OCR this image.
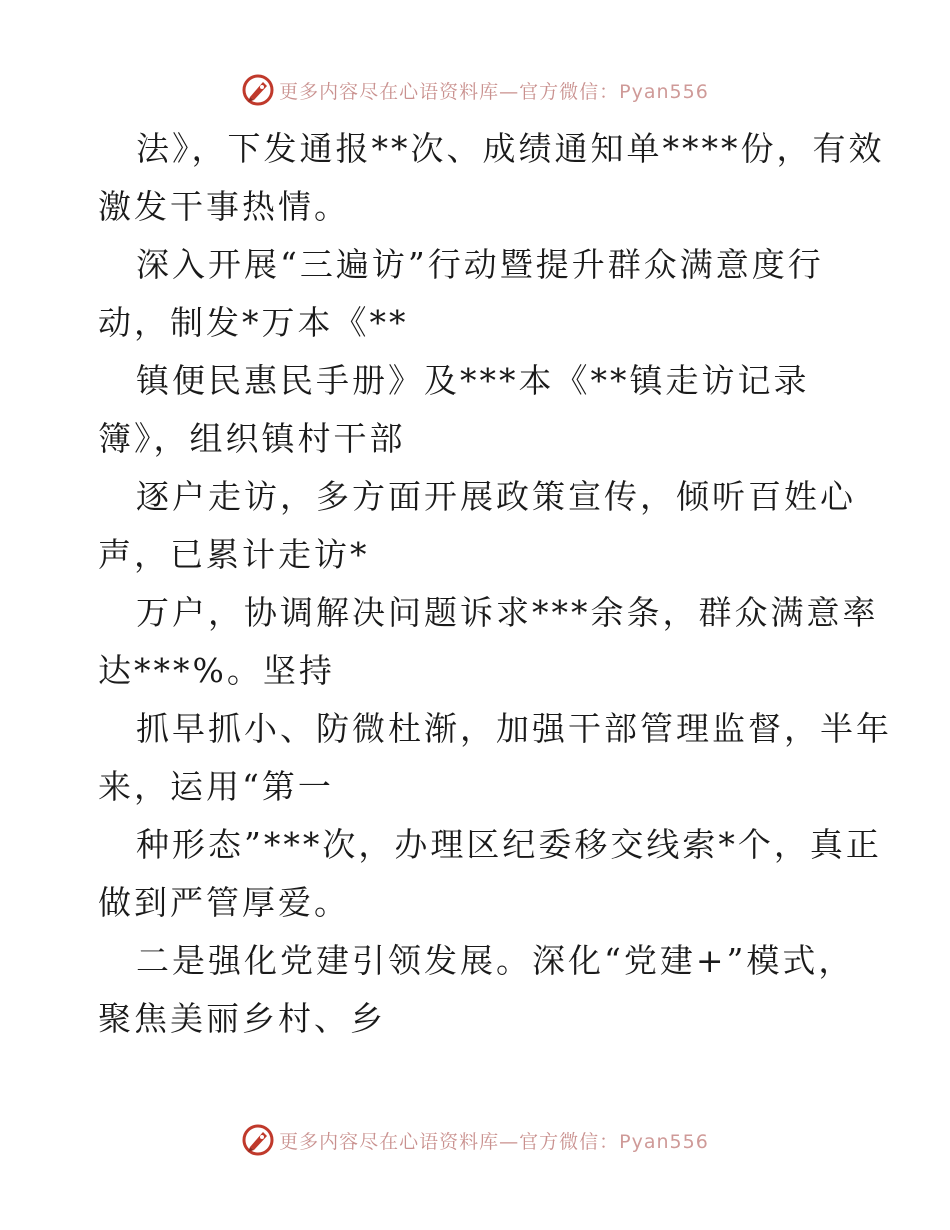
更多内容尽在心语资料库—官方微信：Pyan556
法》，下发通报**次、成绩通知单****份，有效
激发干事热情。
深入开展“三遍访”行动暨提升群众满意度行
动，制发*万本《**
镇便民惠民手册》及***本《**镇走访记录
簿》，组织镇村干部
逐户走访，多方面开展政策宣传，倾听百姓心
声，已累计走访*
万户，协调解决问题诉求***余条，群众满意率
达***%。坚持
抓早抓小、防微杜渐，加强干部管理监督，半年
来，运用“第一
种形态”***次，办理区纪委移交线索*个，真正
做到严管厚爱。
二是强化党建引领发展。深化“党建+”模式，
聚焦美丽乡村、乡
更多内容尽在心语资料库—官方微信：Pyan556
